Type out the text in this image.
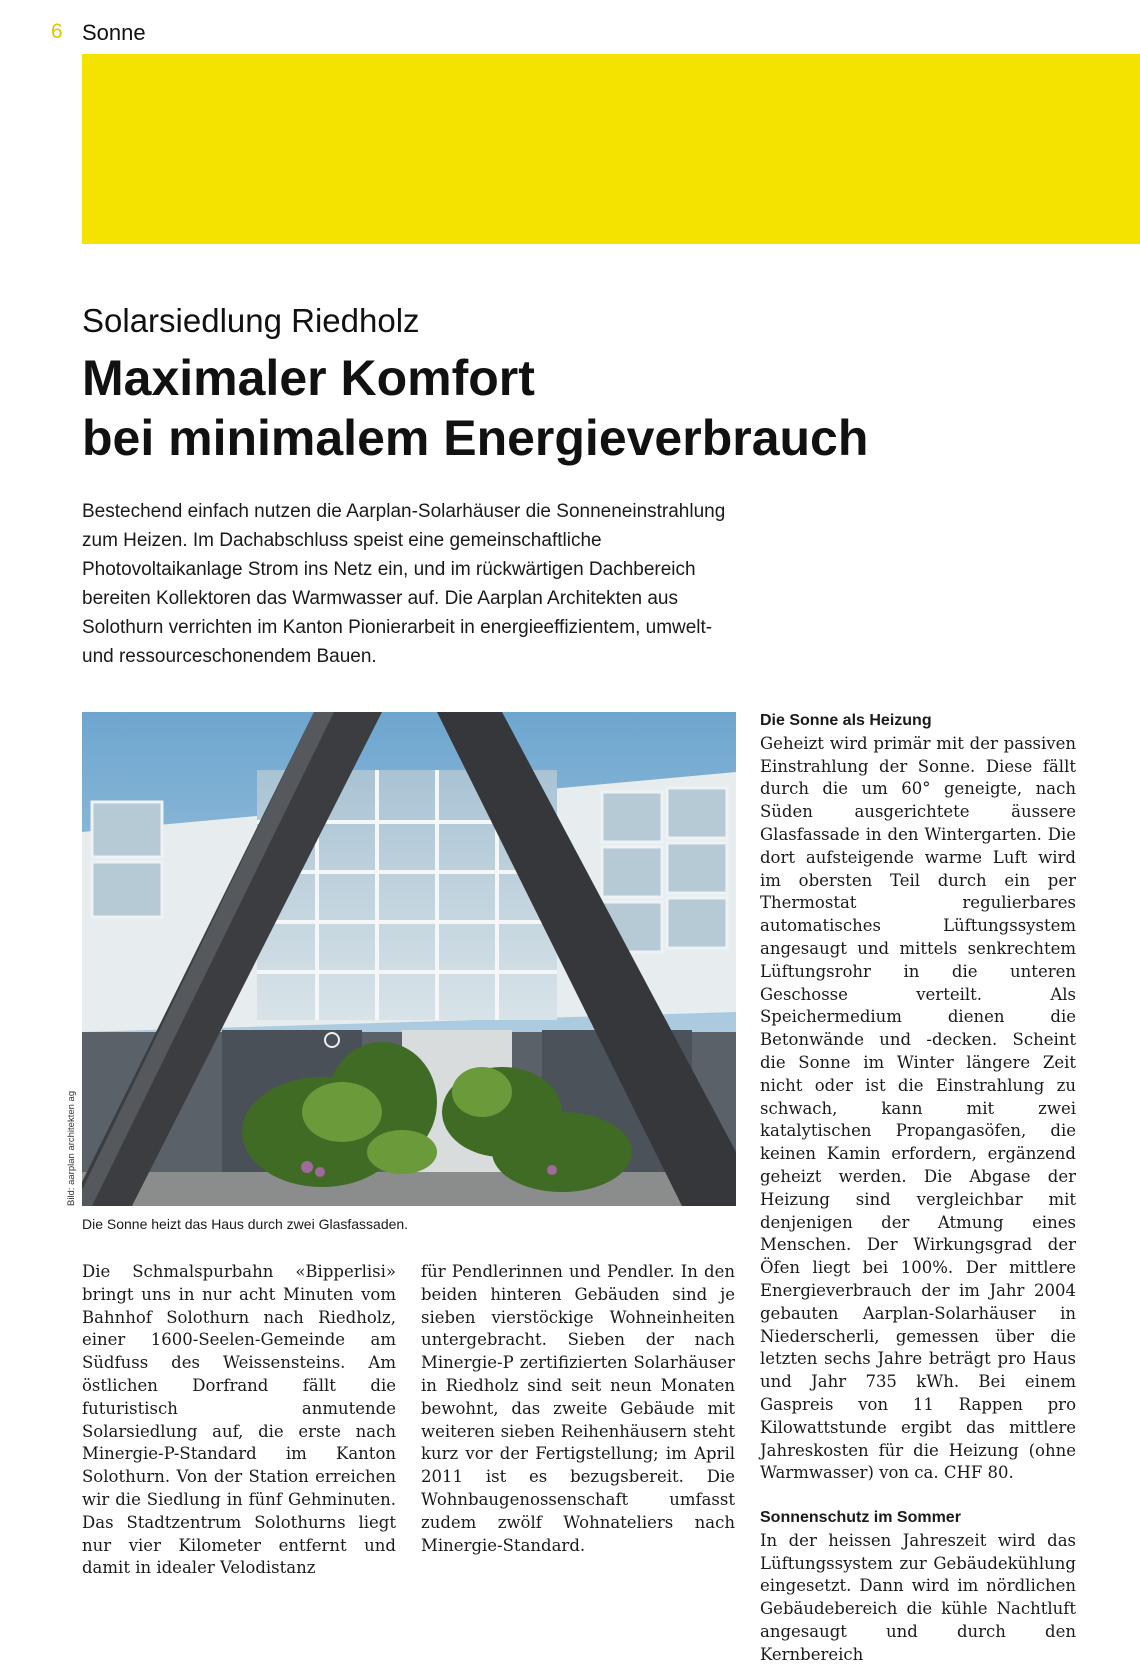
6 Sonne
Solarsiedlung Riedholz
Maximaler Komfort
bei minimalem Energieverbrauch
Bestechend einfach nutzen die Aarplan-Solarhäuser die Sonneneinstrahlung zum Heizen. Im Dachabschluss speist eine gemeinschaftliche Photovoltaikanlage Strom ins Netz ein, und im rückwärtigen Dachbereich bereiten Kollektoren das Warmwasser auf. Die Aarplan Architekten aus Solothurn verrichten im Kanton Pionierarbeit in energieeffizientem, umwelt- und ressourceschonendem Bauen.
Bild: aarplan architekten ag
Die Sonne heizt das Haus durch zwei Glasfassaden.

Die Schmalspurbahn «Bipperlisi» bringt uns in nur acht Minuten vom Bahnhof Solothurn nach Riedholz, einer 1600-Seelen-Gemeinde am Südfuss des Weissensteins. Am östlichen Dorfrand fällt die futuristisch anmutende Solarsiedlung auf, die erste nach Minergie-P-Standard im Kanton Solothurn. Von der Station erreichen wir die Siedlung in fünf Gehminuten. Das Stadtzentrum Solothurns liegt nur vier Kilometer entfernt und damit in idealer Velodistanz

für Pendlerinnen und Pendler. In den beiden hinteren Gebäuden sind je sieben vierstöckige Wohneinheiten untergebracht. Sieben der nach Minergie-P zertifizierten Solarhäuser in Riedholz sind seit neun Monaten bewohnt, das zweite Gebäude mit weiteren sieben Reihenhäusern steht kurz vor der Fertigstellung; im April 2011 ist es bezugsbereit. Die Wohnbaugenossenschaft umfasst zudem zwölf Wohnateliers nach Minergie-Standard.

Die Sonne als Heizung

Geheizt wird primär mit der passiven Einstrahlung der Sonne. Diese fällt durch die um 60° geneigte, nach Süden ausgerichtete äussere Glasfassade in den Wintergarten. Die dort aufsteigende warme Luft wird im obersten Teil durch ein per Thermostat regulierbares automatisches Lüftungssystem angesaugt und mittels senkrechtem Lüftungsrohr in die unteren Geschosse verteilt. Als Speichermedium dienen die Betonwände und -decken. Scheint die Sonne im Winter längere Zeit nicht oder ist die Einstrahlung zu schwach, kann mit zwei katalytischen Propangasöfen, die keinen Kamin erfordern, ergänzend geheizt werden. Die Abgase der Heizung sind vergleichbar mit denjenigen der Atmung eines Menschen. Der Wirkungsgrad der Öfen liegt bei 100%. Der mittlere Energieverbrauch der im Jahr 2004 gebauten Aarplan-Solarhäuser in Niederscherli, gemessen über die letzten sechs Jahre beträgt pro Haus und Jahr 735 kWh. Bei einem Gaspreis von 11 Rappen pro Kilowattstunde ergibt das mittlere Jahreskosten für die Heizung (ohne Warmwasser) von ca. CHF 80.

Sonnenschutz im Sommer

In der heissen Jahreszeit wird das Lüftungssystem zur Gebäudekühlung eingesetzt. Dann wird im nördlichen Gebäudebereich die kühle Nachtluft angesaugt und durch den Kernbereich
